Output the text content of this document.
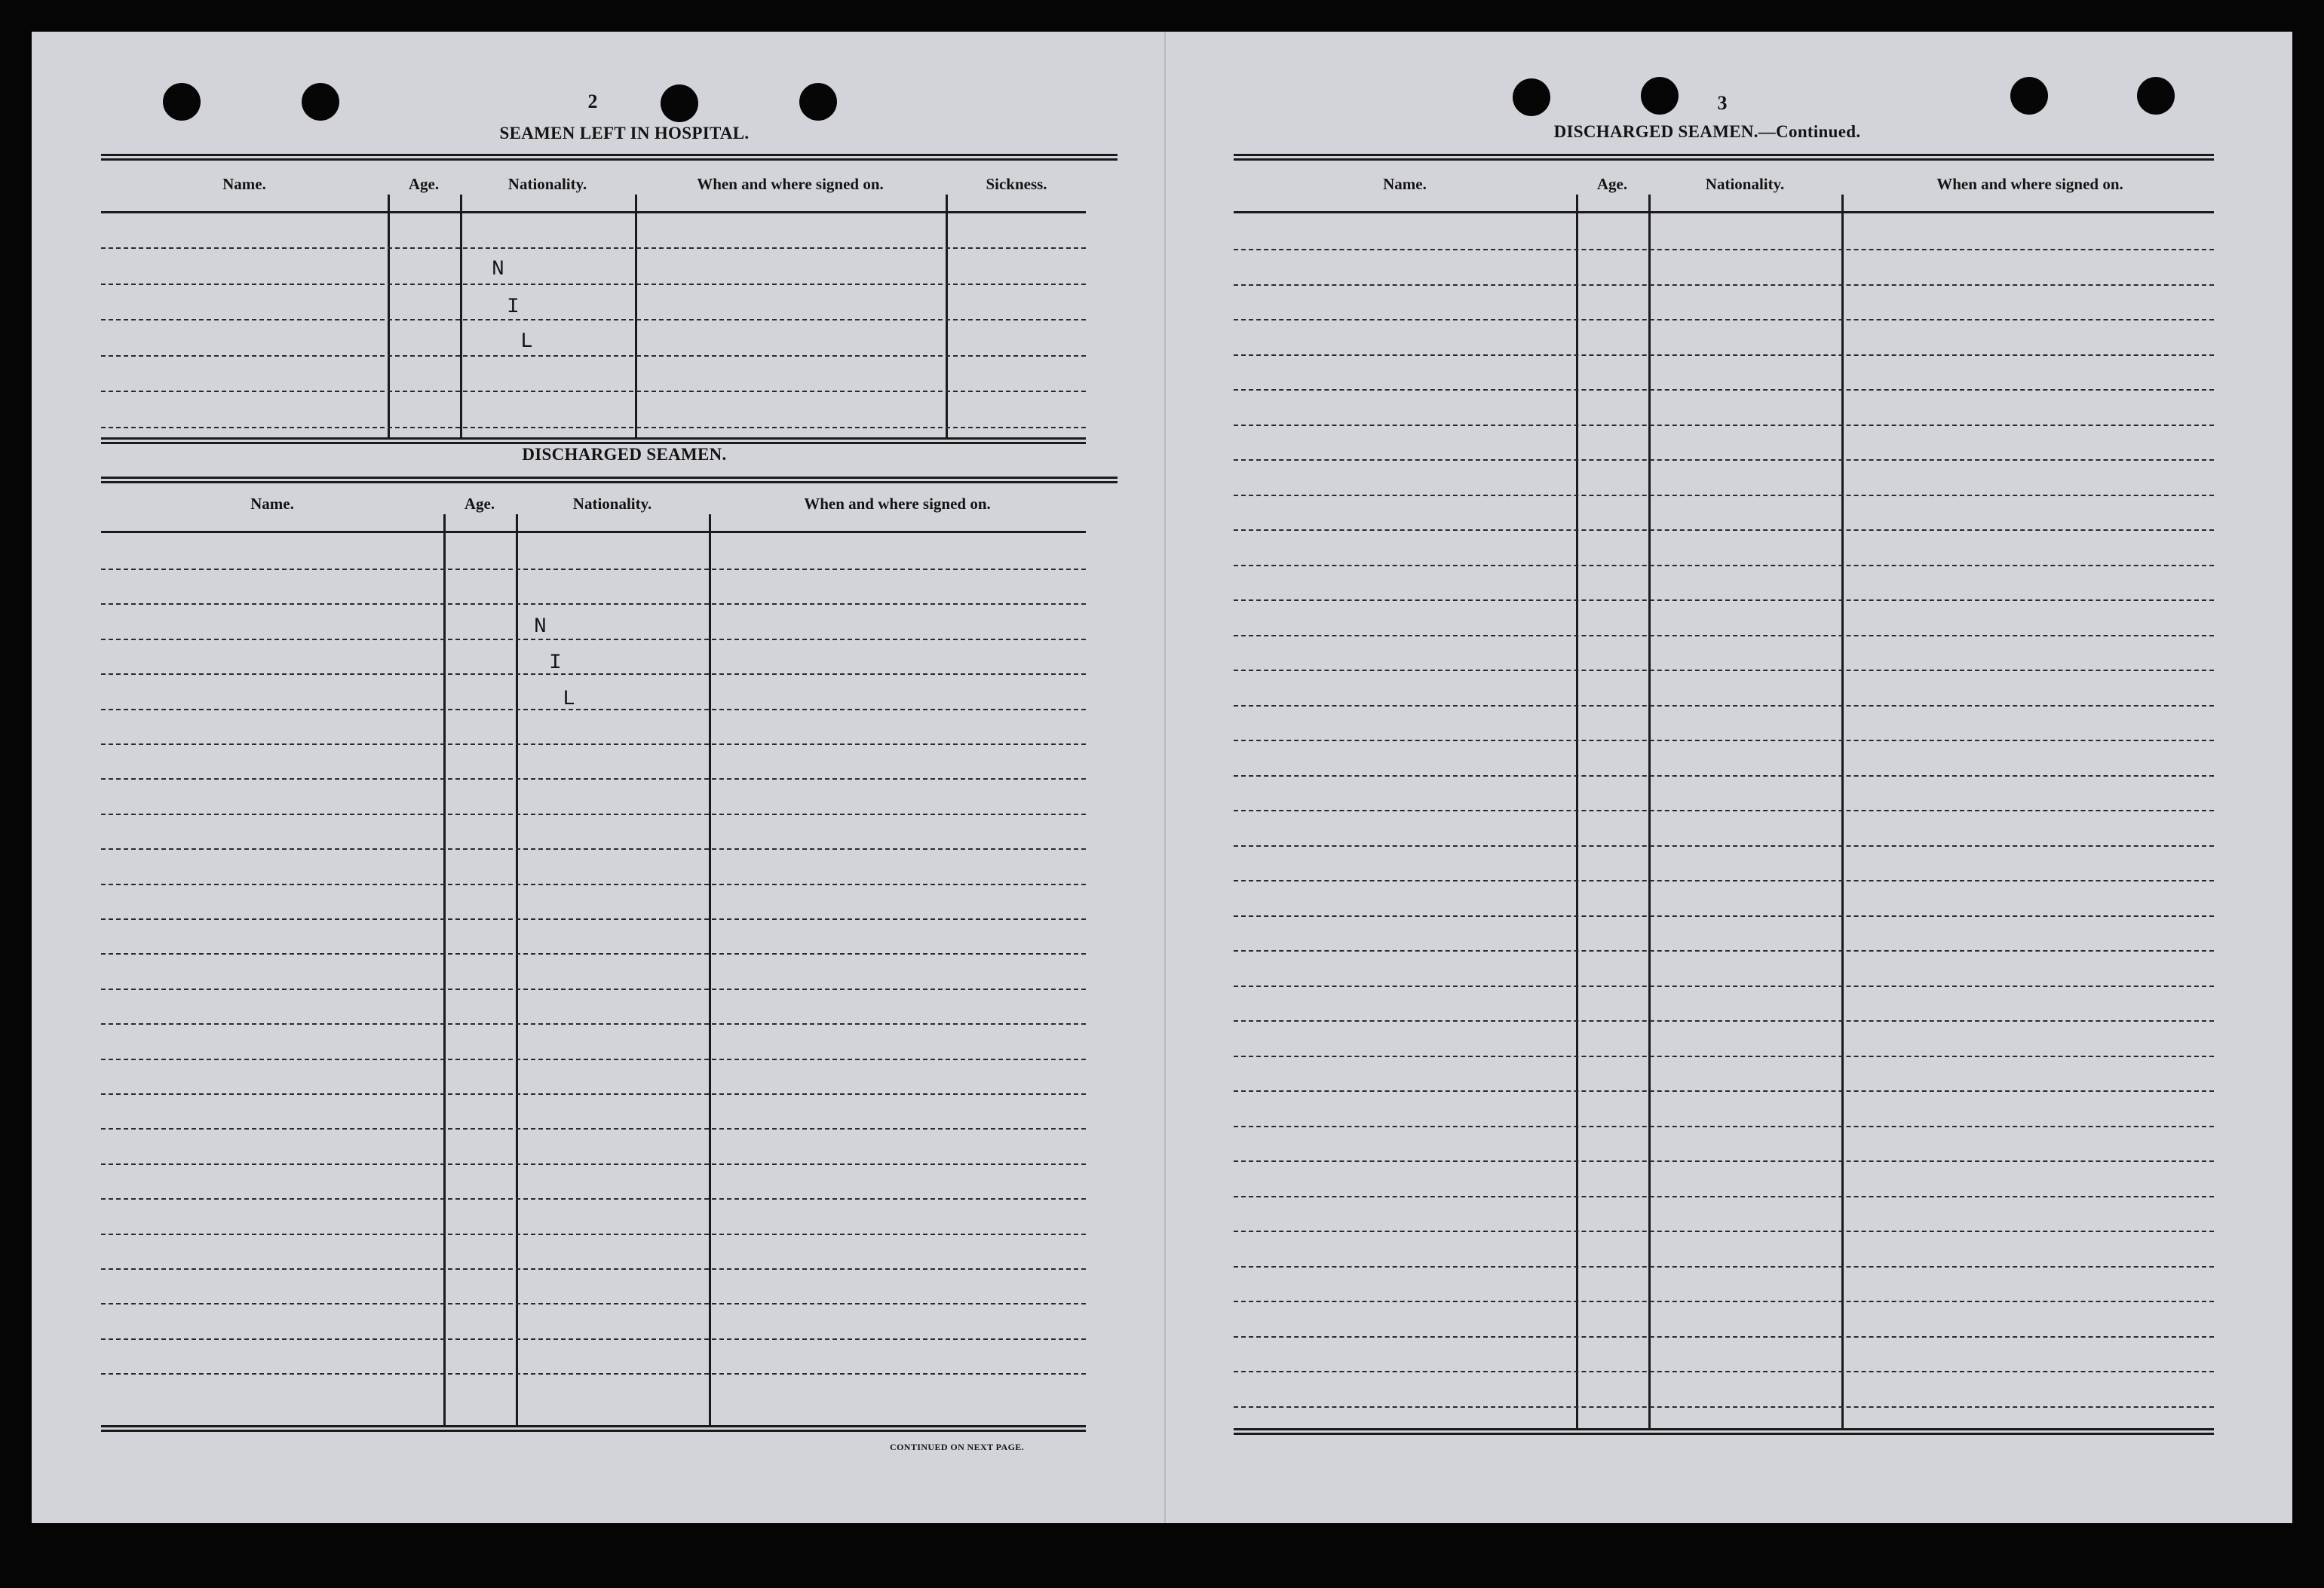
2
SEAMEN LEFT IN HOSPITAL.
Name.	Age.	Nationality.	When and where signed on.	Sickness.
N
I
L
DISCHARGED SEAMEN.
Name.	Age.	Nationality.	When and where signed on.
N
I
L
CONTINUED ON NEXT PAGE.
3
DISCHARGED SEAMEN.—Continued.
Name.	Age.	Nationality.	When and where signed on.
